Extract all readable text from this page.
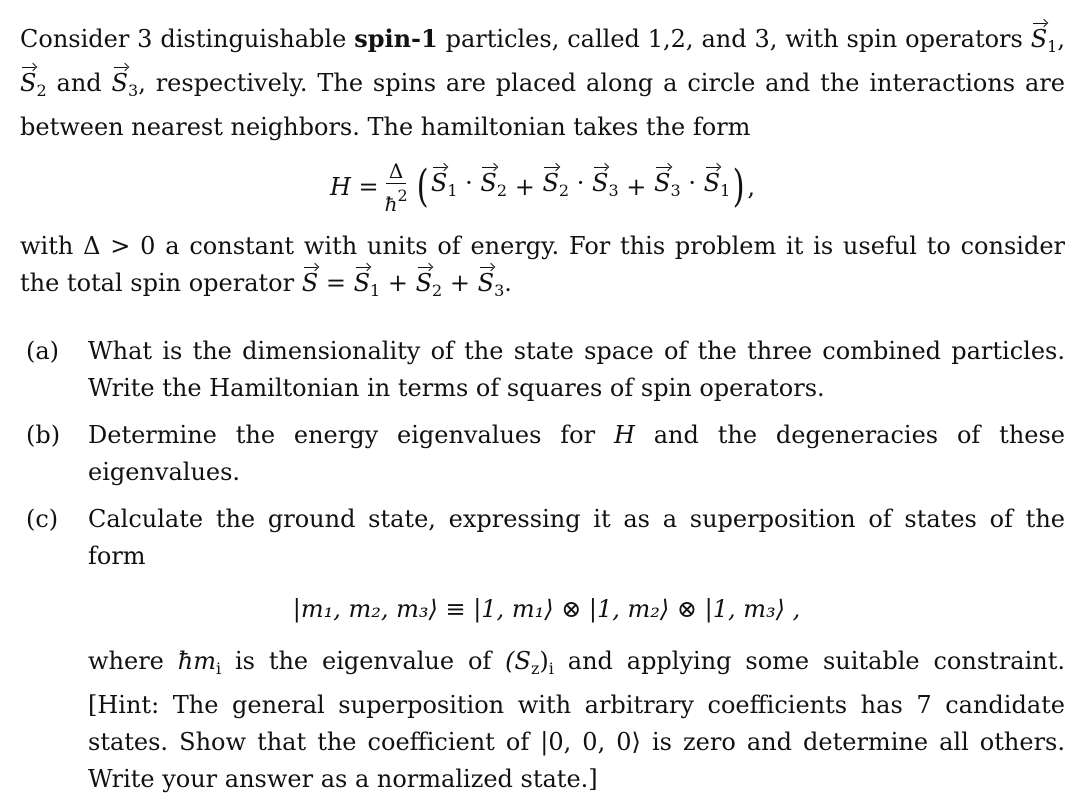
Consider 3 distinguishable spin-1 particles, called 1,2, and 3, with spin operators $S_1$, $S_2$ and $S_3$, respectively. The spins are placed along a circle and the interactions are between nearest neighbors. The hamiltonian takes the form

$H = \frac{\Delta}{ħ^2}$ ( $S_1 \cdot S_2$
+
$S_2 \cdot S_3$
+
$S_3 \cdot S_1$ ) ,

with Δ > 0 a constant with units of energy. For this problem it is useful to consider the total spin operator $S = S_1 + S_2 + S_3$.

(a)	What is the dimensionality of the state space of the three combined particles. Write the Hamiltonian in terms of squares of spin operators.
(b)	Determine the energy eigenvalues for H and the degeneracies of these eigenvalues.
(c)	Calculate the ground state, expressing it as a superposition of states of the form
|m₁, m₂, m₃⟩ ≡ |1, m₁⟩ ⊗ |1, m₂⟩ ⊗ |1, m₃⟩ ,
where $ħm_i$ is the eigenvalue of $(S_z)_i$ and applying some suitable constraint. [Hint: The general superposition with arbitrary coefficients has 7 candidate states. Show that the coefficient of |0, 0, 0⟩ is zero and determine all others. Write your answer as a normalized state.]
